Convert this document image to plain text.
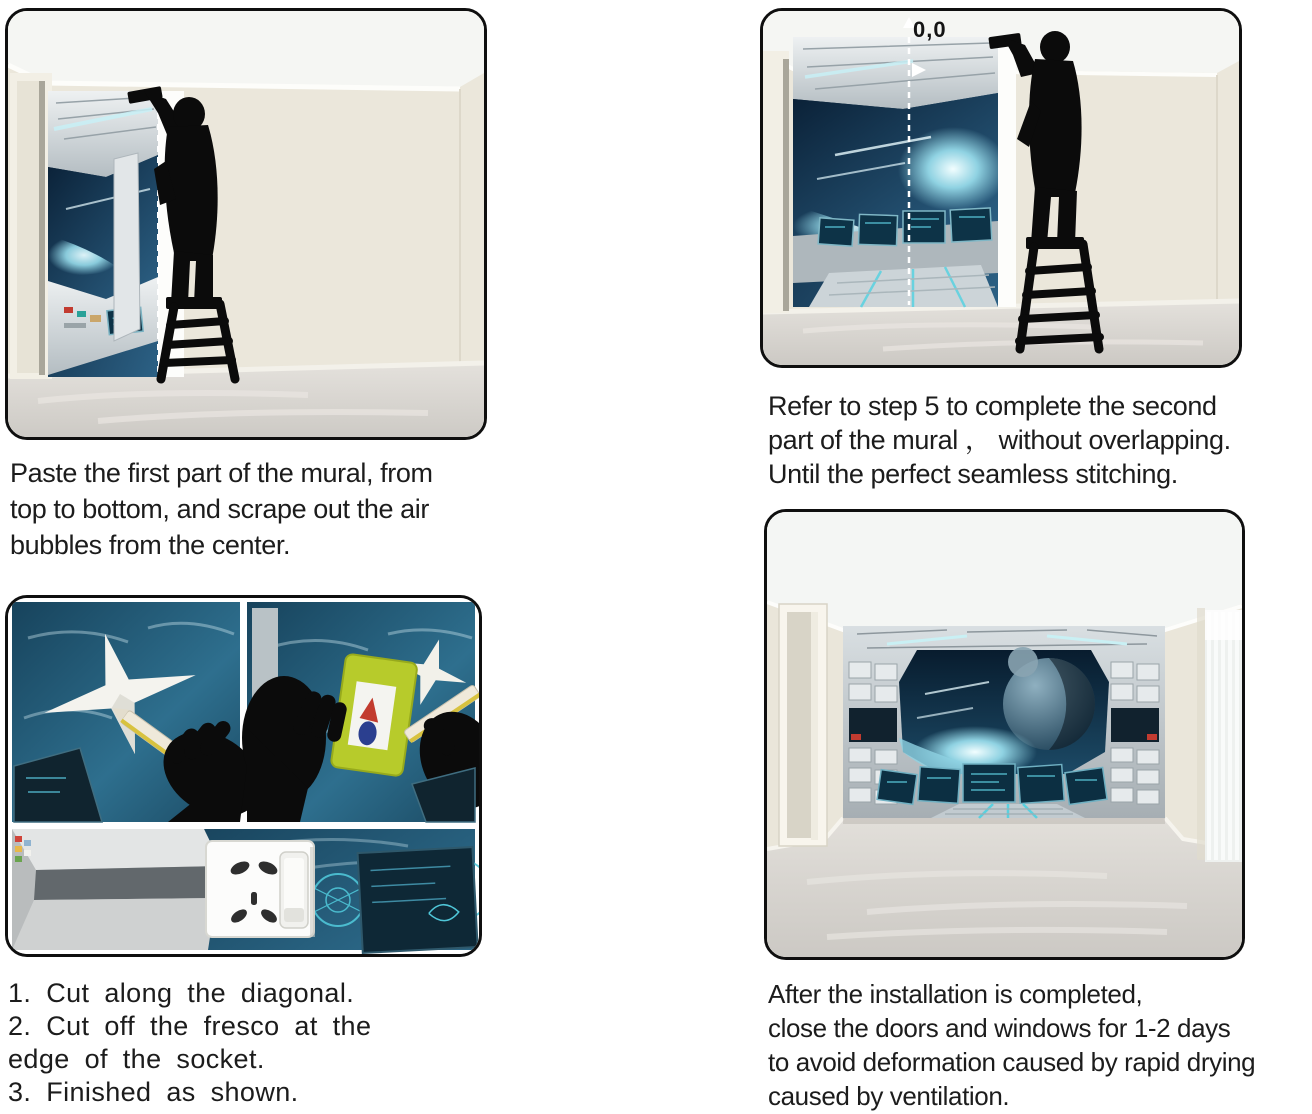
Paste the first part of the mural, from
top to bottom, and scrape out the air
bubbles from the center.
0,0
Refer to step 5 to complete the second
part of the mural ， without overlapping.
Until the perfect seamless stitching.
1. Cut along the diagonal.
2. Cut off the fresco at the
edge of the socket.
3. Finished as shown.
After the installation is completed,
close the doors and windows for 1-2 days
to avoid deformation caused by rapid drying
caused by ventilation.
